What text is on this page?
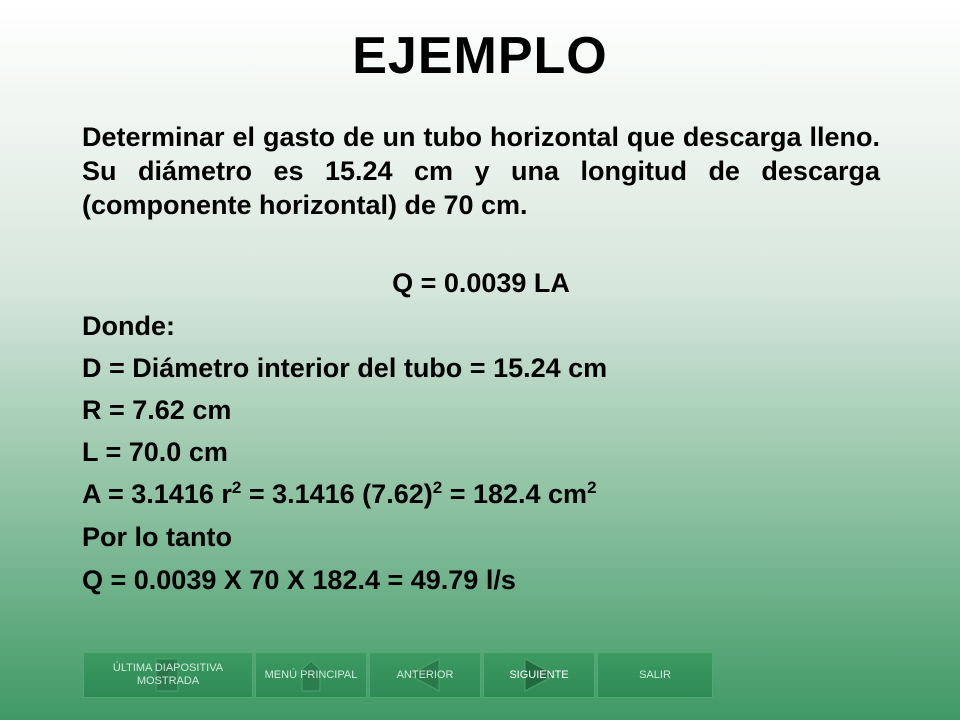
EJEMPLO

Determinar el gasto de un tubo horizontal que descarga lleno. Su diámetro es 15.24 cm y una longitud de descarga (componente horizontal) de 70 cm.

Q = 0.0039 LA

Donde:

D = Diámetro interior del tubo = 15.24 cm

R = 7.62 cm

L = 70.0 cm

A = 3.1416 $r^2 = 3.1416$ $(7.62)^2 = 182.4$ $cm^2$

Por lo tanto

Q = 0.0039 X 70 X 182.4 = 49.79 l/s

ÚLTIMA DIAPOSITIVA MOSTRADA
MENÚ PRINCIPAL	ANTERIOR	SIGUIENTE	SALIR
